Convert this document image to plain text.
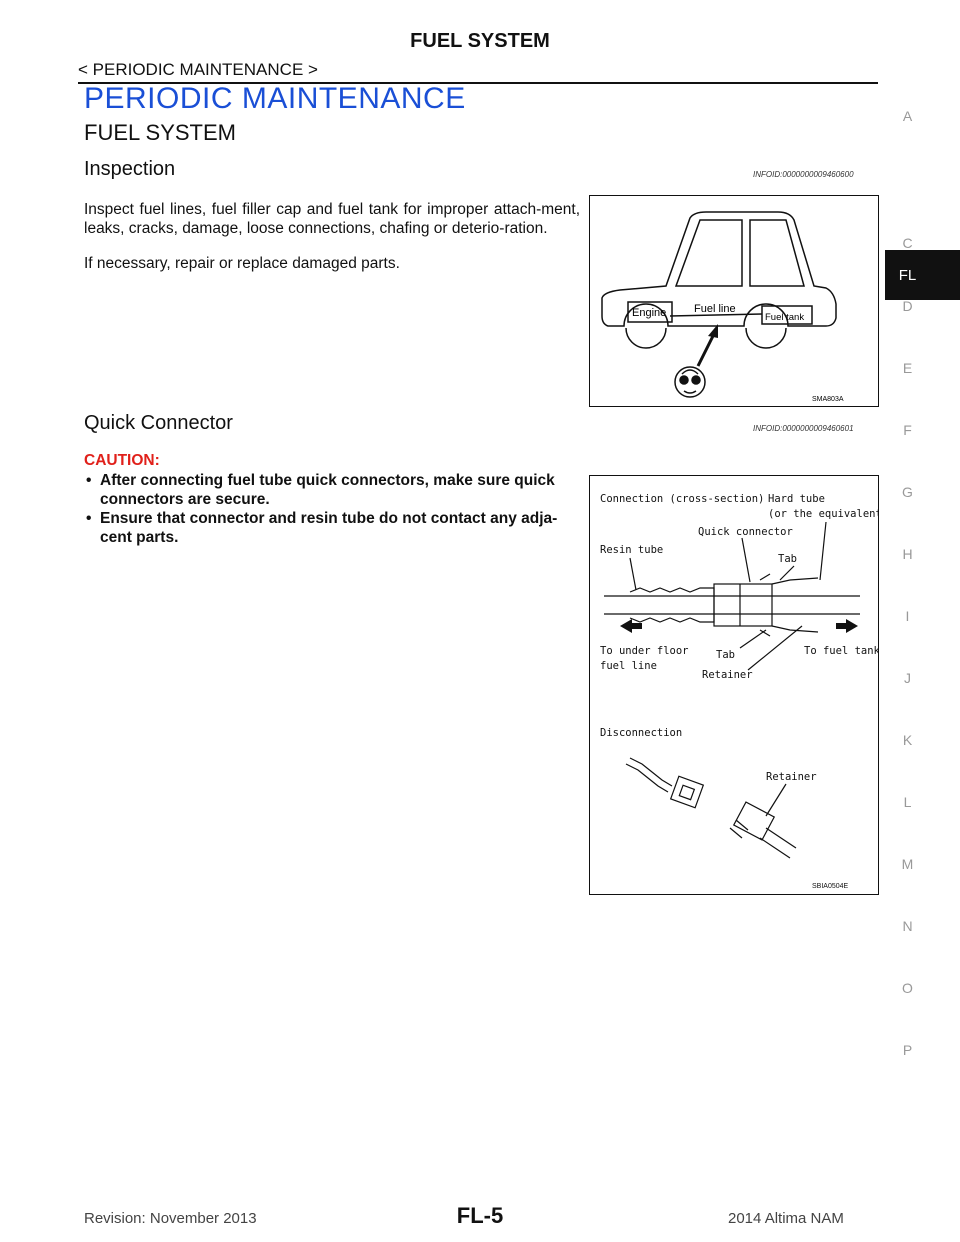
FUEL SYSTEM
< PERIODIC MAINTENANCE >
PERIODIC MAINTENANCE
FUEL SYSTEM
Inspection	INFOID:0000000009460600
Inspect fuel lines, fuel filler cap and fuel tank for improper attach-ment, leaks, cracks, damage, loose connections, chafing or deterio-ration.
If necessary, repair or replace damaged parts.
Engine	Fuel line
Fuel tank
SMA803A
Quick Connector	INFOID:0000000009460601
CAUTION:
• After connecting fuel tube quick connectors, make sure quick connectors are secure.
• Ensure that connector and resin tube do not contact any adja-cent parts.
Connection (cross-section) Hard tube
(or the equivalent)
Quick connector
Resin tube
Tab
To under floor
fuel line
Tab	To fuel tank
Retainer
Disconnection
Retainer
SBIA0504E
A
FL
C
D
E
F
G
H
I
J
K
L
M
N
O
P
Revision: November 2013	FL-5	2014 Altima NAM
